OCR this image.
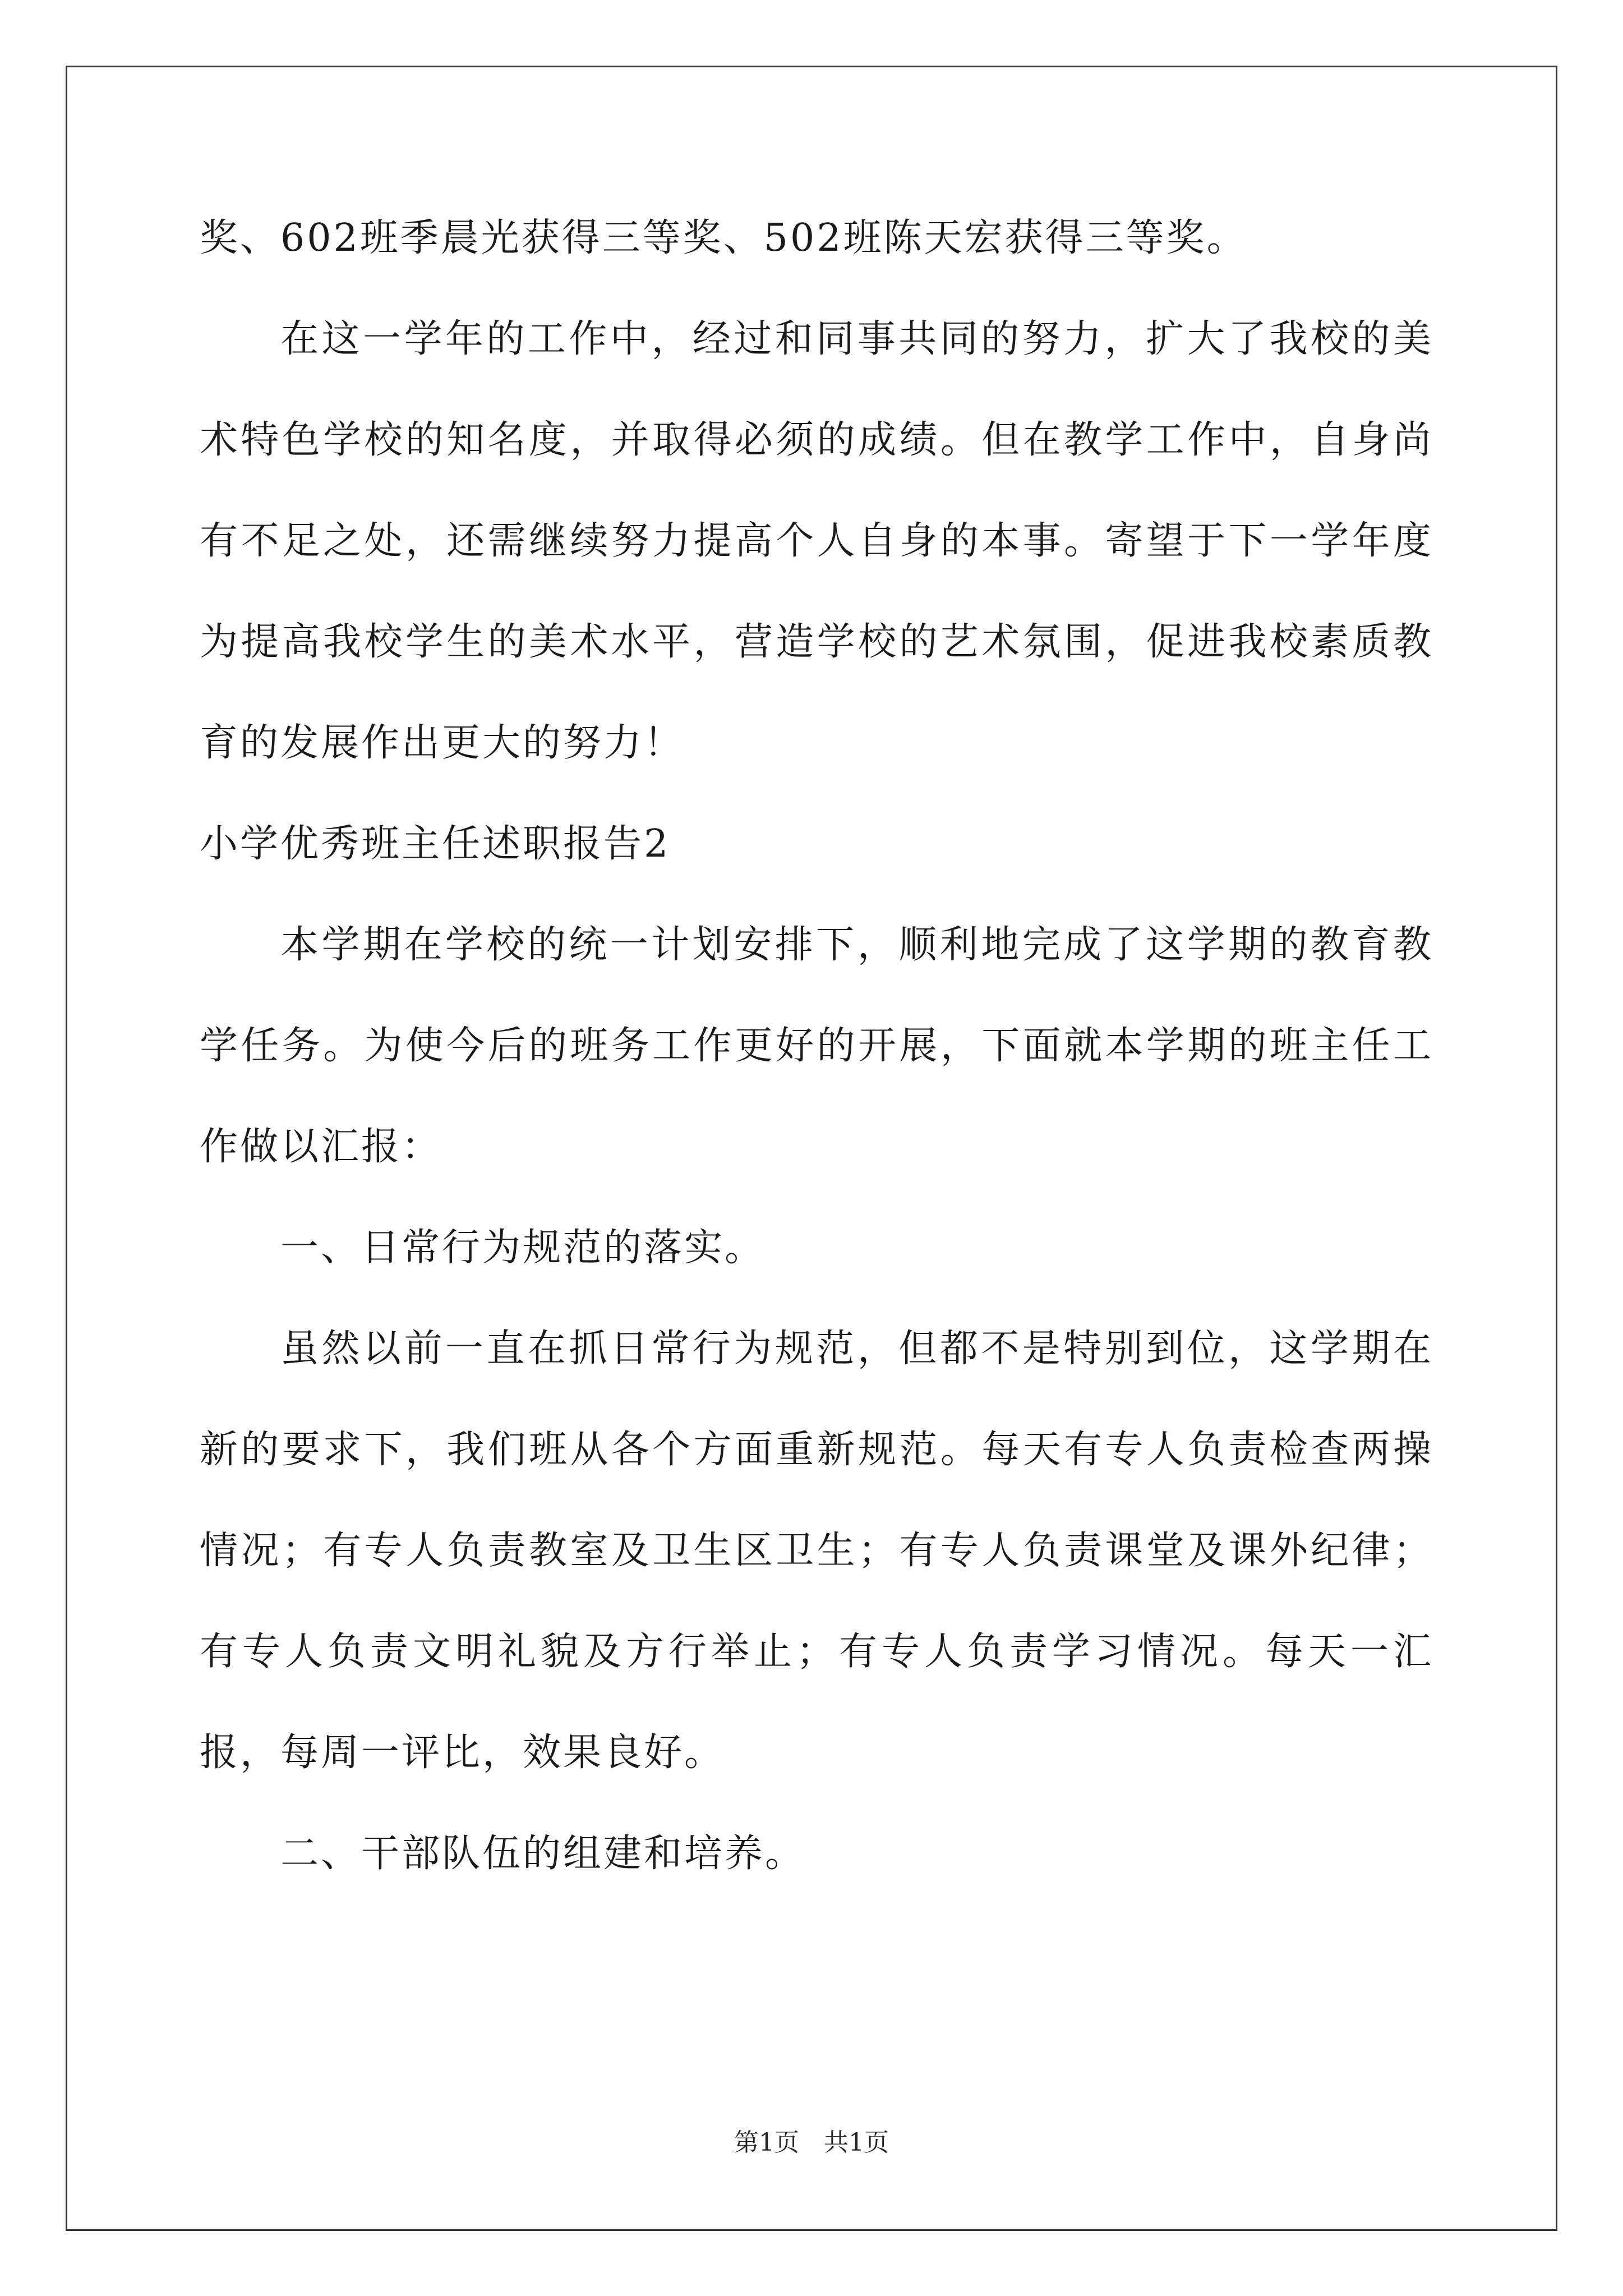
奖、602班季晨光获得三等奖、502班陈天宏获得三等奖。

在这一学年的工作中，经过和同事共同的努力，扩大了我校的美术特色学校的知名度，并取得必须的成绩。但在教学工作中，自身尚有不足之处，还需继续努力提高个人自身的本事。寄望于下一学年度为提高我校学生的美术水平，营造学校的艺术氛围，促进我校素质教育的发展作出更大的努力！

小学优秀班主任述职报告2

本学期在学校的统一计划安排下，顺利地完成了这学期的教育教学任务。为使今后的班务工作更好的开展，下面就本学期的班主任工作做以汇报：

一、日常行为规范的落实。

虽然以前一直在抓日常行为规范，但都不是特别到位，这学期在新的要求下，我们班从各个方面重新规范。每天有专人负责检查两操情况；有专人负责教室及卫生区卫生；有专人负责课堂及课外纪律；有专人负责文明礼貌及方行举止；有专人负责学习情况。每天一汇报，每周一评比，效果良好。

二、干部队伍的组建和培养。

第1页　共1页
